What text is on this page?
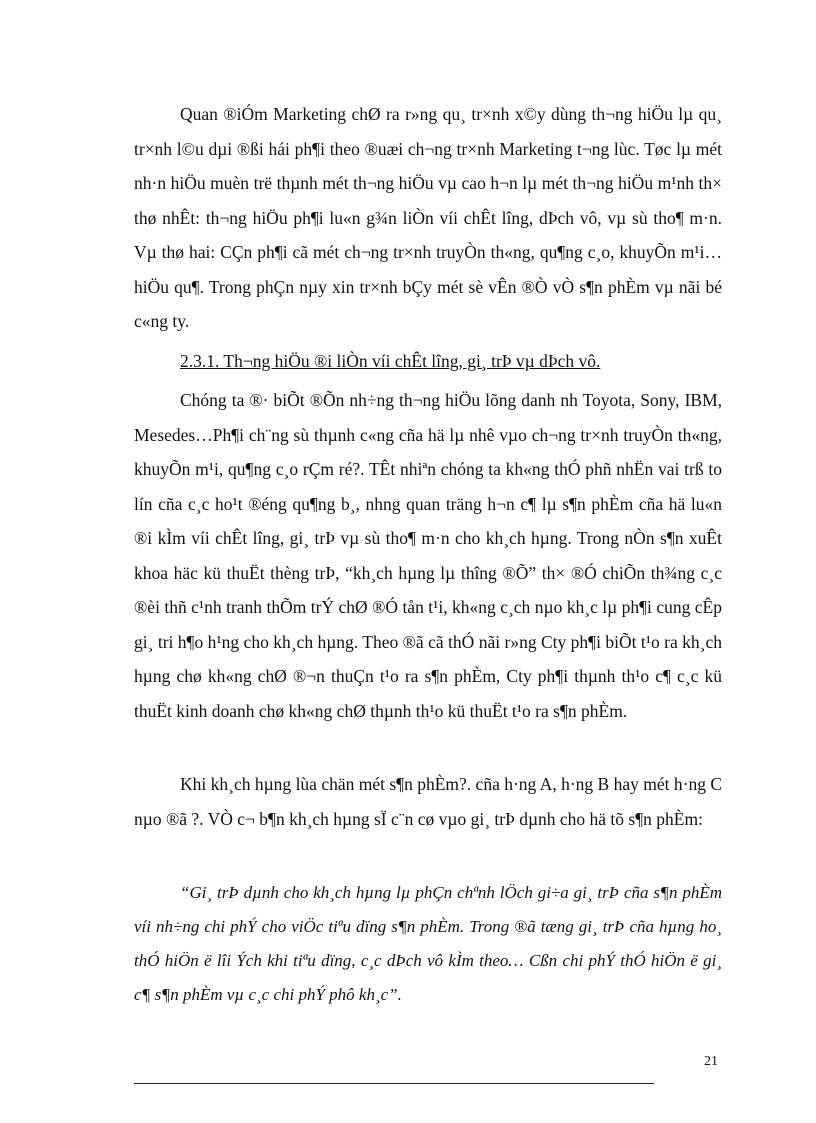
Quan ®iÓm Marketing chØ ra r»ng qu¸ tr×nh x©y dùng th¬ng hiÖu lµ qu¸ tr×nh l©u dµi ®ßi hái ph¶i theo ®uæi ch¬ng tr×nh Marketing t¬ng lùc. Tøc lµ mét nh·n hiÖu muèn trë thµnh mét th¬ng hiÖu vµ cao h¬n lµ mét th¬ng hiÖu m¹nh th× thø nhÊt: th¬ng hiÖu ph¶i lu«n g¾n liÒn víi chÊt lîng, dÞch vô, vµ sù tho¶ m·n. Vµ thø hai: CÇn ph¶i cã mét ch¬ng tr×nh truyÒn th«ng, qu¶ng c¸o, khuyÕn m¹i…hiÖu qu¶. Trong phÇn nµy xin tr×nh bÇy mét sè vÊn ®Ò vÒ s¶n phÈm vµ nãi bé c«ng ty.

2.3.1. Th¬ng hiÖu ®i liÒn víi chÊt lîng, gi¸ trÞ vµ dÞch vô.

Chóng ta ®· biÕt ®Õn nh÷ng th¬ng hiÖu lõng danh nh Toyota, Sony, IBM, Mesedes…Ph¶i ch¨ng sù thµnh c«ng cña hä lµ nhê vµo ch¬ng tr×nh truyÒn th«ng, khuyÕn m¹i, qu¶ng c¸o rÇm ré?. TÊt nhiªn chóng ta kh«ng thÓ phñ nhËn vai trß to lín cña c¸c ho¹t ®éng qu¶ng b¸, nhng quan träng h¬n c¶ lµ s¶n phÈm cña hä lu«n ®i kÌm víi chÊt lîng, gi¸ trÞ vµ sù tho¶ m·n cho kh¸ch hµng. Trong nÒn s¶n xuÊt khoa häc kü thuËt thèng trÞ, “kh¸ch hµng lµ thîng ®Õ” th× ®Ó chiÕn th¾ng c¸c ®èi thñ c¹nh tranh thÕm trÝ chØ ®Ó tån t¹i, kh«ng c¸ch nµo kh¸c lµ ph¶i cung cÊp gi¸ tri h¶o h¹ng cho kh¸ch hµng. Theo ®ã cã thÓ nãi r»ng Cty ph¶i biÕt t¹o ra kh¸ch hµng chø kh«ng chØ ®¬n thuÇn t¹o ra s¶n phÈm, Cty ph¶i thµnh th¹o c¶ c¸c kü thuËt kinh doanh chø kh«ng chØ thµnh th¹o kü thuËt t¹o ra s¶n phÈm.

Khi kh¸ch hµng lùa chän mét s¶n phÈm?. cña h·ng A, h·ng B hay mét h·ng C nµo ®ã ?. VÒ c¬ b¶n kh¸ch hµng sÏ c¨n cø vµo gi¸ trÞ dµnh cho hä tõ s¶n phÈm:

“Gi¸ trÞ dµnh cho kh¸ch hµng lµ phÇn chªnh lÖch gi÷a gi¸ trÞ cña s¶n phÈm víi nh÷ng chi phÝ cho viÖc tiªu dïng s¶n phÈm. Trong ®ã tæng gi¸ trÞ cña hµng ho¸ thÓ hiÖn ë lîi Ých khi tiªu dïng, c¸c dÞch vô kÌm theo… Cßn chi phÝ thÓ hiÖn ë gi¸ c¶ s¶n phÈm vµ c¸c chi phÝ phô kh¸c”.

21
